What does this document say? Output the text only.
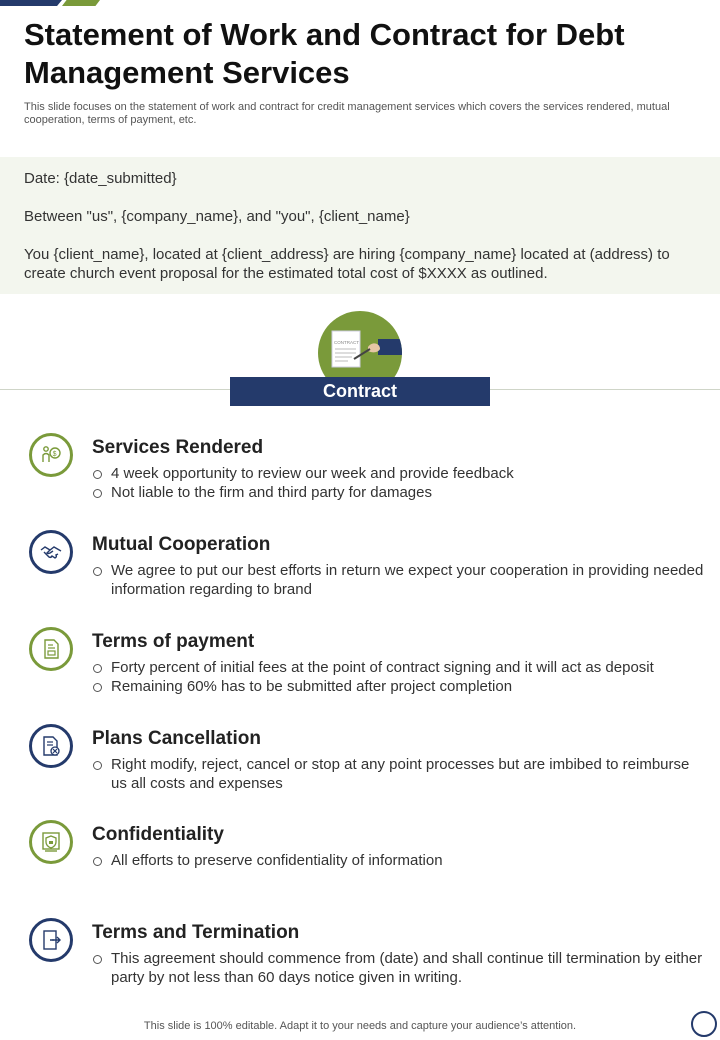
Statement of Work and Contract for Debt Management Services

This slide focuses on the statement of work and contract for credit management services which covers the services rendered, mutual cooperation, terms of payment, etc.

Date: {date_submitted}

Between "us", {company_name}, and "you", {client_name}

You {client_name}, located at {client_address} are hiring {company_name} located at (address) to create church event proposal for the estimated total cost of $XXXX as outlined.

CONTRACT
Contract
$ Services Rendered
4 week opportunity to review our week and provide feedback
Not liable to the firm and third party for damages
Mutual Cooperation
We agree to put our best efforts in return we expect your cooperation in providing needed information regarding to brand
Terms of payment
Forty percent of initial fees at the point of contract signing and it will act as deposit
Remaining 60% has to be submitted after project completion
Plans Cancellation
Right modify, reject, cancel or stop at any point processes but are imbibed to reimburse us all costs and expenses
Confidentiality
All efforts to preserve confidentiality of information
Terms and Termination
This agreement should commence from (date) and shall continue till termination by either party by not less than 60 days notice given in writing.
This slide is 100% editable. Adapt it to your needs and capture your audience’s attention.
